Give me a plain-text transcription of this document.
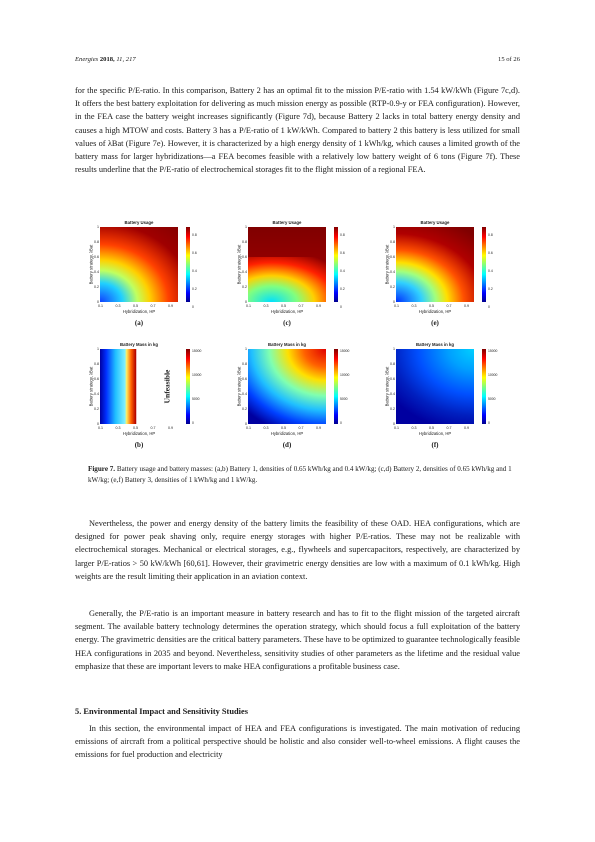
Energies 2018, 11, 217	15 of 26

for the specific P/E-ratio. In this comparison, Battery 2 has an optimal fit to the mission P/E-ratio with 1.54 kW/kWh (Figure 7c,d). It offers the best battery exploitation for delivering as much mission energy as possible (RTP-0.9-y or FEA configuration). However, in the FEA case the battery weight increases significantly (Figure 7d), because Battery 2 lacks in total battery energy density and causes a high MTOW and costs. Battery 3 has a P/E-ratio of 1 kW/kWh. Compared to battery 2 this battery is less utilized for small values of λBat (Figure 7e). However, it is characterized by a high energy density of 1 kWh/kg, which causes a limited growth of the battery mass for larger hybridizations—a FEA becomes feasible with a relatively low battery weight of 6 tons (Figure 7f). These results underline that the P/E-ratio of electrochemical storages fit to the flight mission of a regional FEA.

Battery Usage
0.8
0.6
0.4
0.2
0
1
0.8
0.6
0.4
0.2
0
0.1	0.3	0.5	0.7	0.9
Hybridization, HP
Battery strategy, λBat
(a)
Battery Mass in kg
15000
10000
5000
0
1
0.8
0.6
0.4
0.2
0
0.1	0.3	0.5	0.7	0.9
Hybridization, HP
Battery strategy, λBat
(b)
Unfeasible
Battery Usage
0.8
0.6
0.4
0.2
0
1
0.8
0.6
0.4
0.2
0
0.1	0.3	0.5	0.7	0.9
Hybridization, HP
Battery strategy, λBat
(c)
Battery Mass in kg
15000
10000
5000
0
1
0.8
0.6
0.4
0.2
0
0.1	0.3	0.5	0.7	0.9
Hybridization, HP
Battery strategy, λBat
(d)
Battery Usage
0.8
0.6
0.4
0.2
0
1
0.8
0.6
0.4
0.2
0
0.1	0.3	0.5	0.7	0.9
Hybridization, HP
Battery strategy, λBat
(e)
Battery Mass in kg
15000
10000
5000
0
1
0.8
0.6
0.4
0.2
0
0.1	0.3	0.5	0.7	0.9
Hybridization, HP
Battery strategy, λBat
(f)
Figure 7. Battery usage and battery masses: (a,b) Battery 1, densities of 0.65 kWh/kg and 0.4 kW/kg; (c,d) Battery 2, densities of 0.65 kWh/kg and 1 kW/kg; (e,f) Battery 3, densities of 1 kWh/kg and 1 kW/kg.

Nevertheless, the power and energy density of the battery limits the feasibility of these OAD. HEA configurations, which are designed for power peak shaving only, require energy storages with higher P/E-ratios. These may not be realizable with electrochemical storages. Mechanical or electrical storages, e.g., flywheels and supercapacitors, respectively, are characterized by larger P/E-ratios > 50 kW/kWh [60,61]. However, their gravimetric energy densities are low with a maximum of 0.1 kWh/kg. High weights are the result limiting their application in an aviation context.

Generally, the P/E-ratio is an important measure in battery research and has to fit to the flight mission of the targeted aircraft segment. The available battery technology determines the operation strategy, which should focus a full exploitation of the battery energy. The gravimetric densities are the critical battery parameters. These have to be optimized to guarantee technologically feasible HEA configurations in 2035 and beyond. Nevertheless, sensitivity studies of other parameters as the lifetime and the residual value emphasize that these are important levers to make HEA configurations a profitable business case.

5. Environmental Impact and Sensitivity Studies

In this section, the environmental impact of HEA and FEA configurations is investigated. The main motivation of reducing emissions of aircraft from a political perspective should be holistic and also consider well-to-wheel emissions. A flight causes the emissions for fuel production and electricity
